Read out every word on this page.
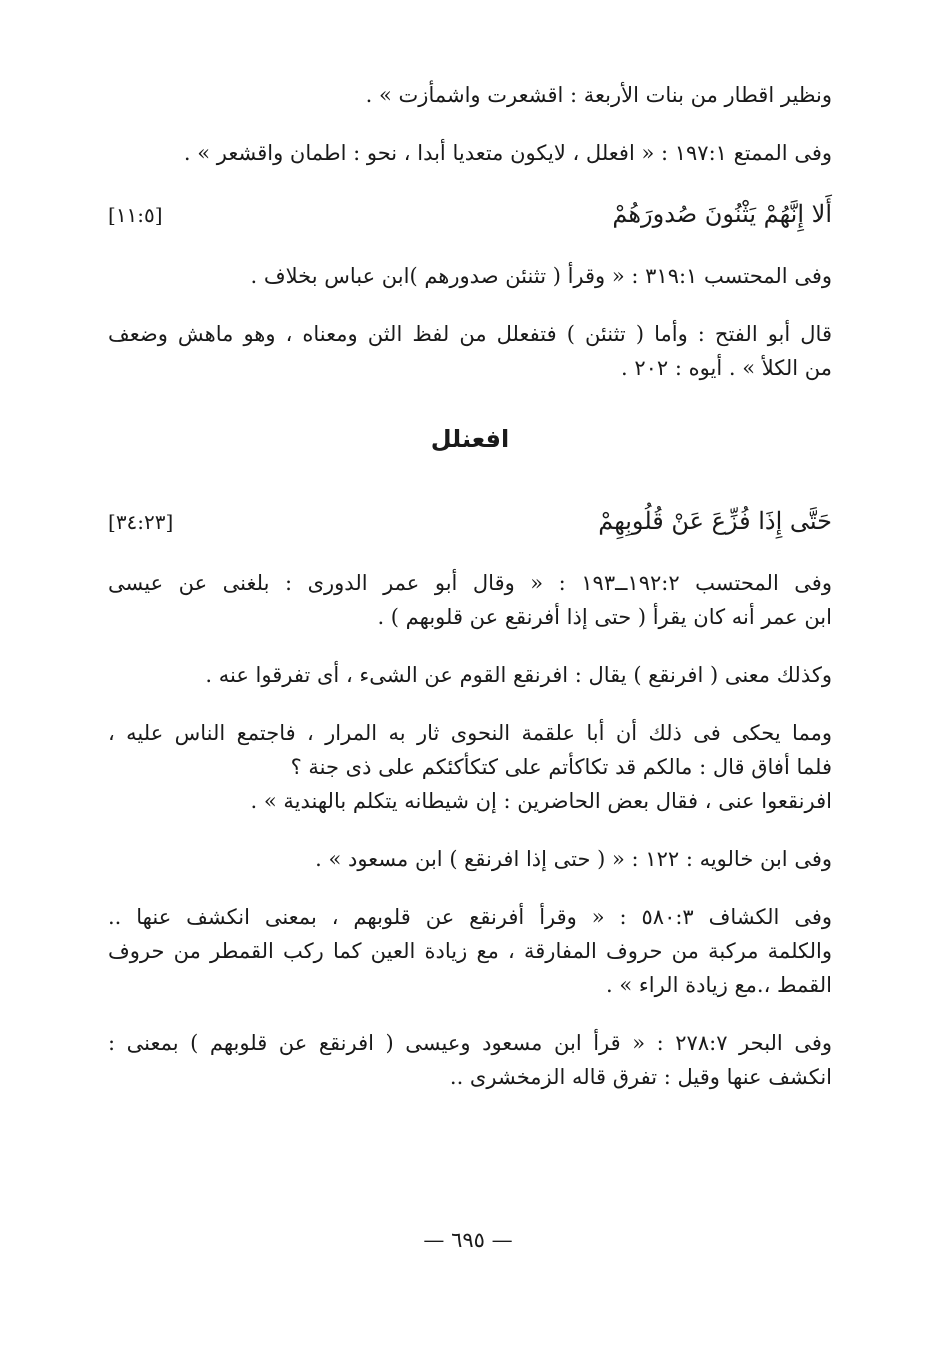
ونظير اقطار من بنات الأربعة : اقشعرت واشمأزت » .

وفى الممتع ١٩٧:١ : « افعلل ، لايكون متعديا أبدا ، نحو : اطمان واقشعر » .

أَلا إِنَّهُمْ يَثْنُونَ صُدورَهُمْ
[١١:٥]

وفى المحتسب ٣١٩:١ : « وقرأ ( تثنئن صدورهم )ابن عباس بخلاف .

قال أبو الفتح : وأما ( تثنئن ) فتفعلل من لفظ الثن ومعناه ، وهو ماهش وضعف

من الكلأ » . أيوه : ٢٠٢ .

افعنلل
حَتَّى إِذَا فُزِّعَ عَنْ قُلُوبِهِمْ
[٣٤:٢٣]

وفى المحتسب ١٩٢:٢ــ١٩٣ : « وقال أبو عمر الدورى : بلغنى عن عيسى

ابن عمر أنه كان يقرأ ( حتى إذا أفرنقع عن قلوبهم ) .

وكذلك معنى ( افرنقع ) يقال : افرنقع القوم عن الشىء ، أى تفرقوا عنه .

ومما يحكى فى ذلك أن أبا علقمة النحوى ثار به المرار ، فاجتمع الناس عليه ،

فلما أفاق قال : مالكم قد تكاكأتم على كتكأكئكم على ذى جنة ؟

افرنقعوا عنى ، فقال بعض الحاضرين : إن شيطانه يتكلم بالهندية » .

وفى ابن خالويه : ١٢٢ : « ( حتى إذا افرنقع ) ابن مسعود » .

وفى الكشاف ٥٨٠:٣ : « وقرأ أفرنقع عن قلوبهم ، بمعنى انكشف عنها ..

والكلمة مركبة من حروف المفارقة ، مع زيادة العين كما ركب القمطر من حروف

القمط ،.مع زيادة الراء » .

وفى البحر ٢٧٨:٧ : « قرأ ابن مسعود وعيسى ( افرنقع عن قلوبهم ) بمعنى :

انكشف عنها وقيل : تفرق قاله الزمخشرى ..

— ٦٩٥ —
